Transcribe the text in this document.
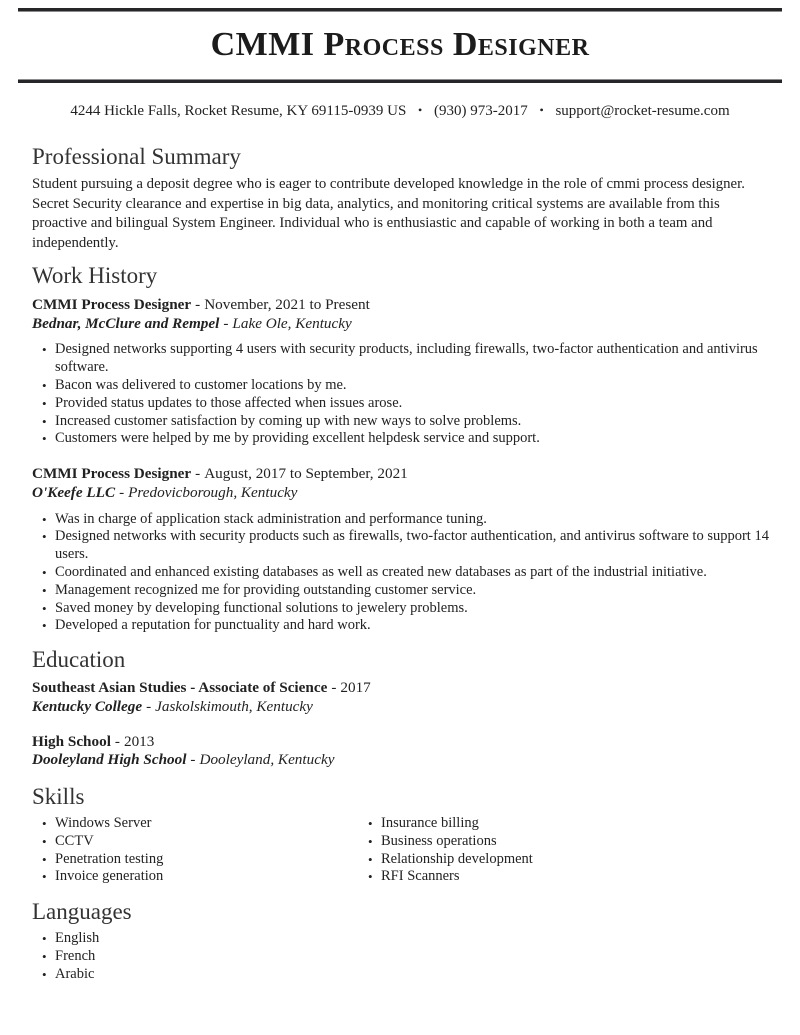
CMMI Process Designer

4244 Hickle Falls, Rocket Resume, KY 69115-0939 US • (930) 973-2017 • support@rocket-resume.com

Professional Summary

Student pursuing a deposit degree who is eager to contribute developed knowledge in the role of cmmi process designer. Secret Security clearance and expertise in big data, analytics, and monitoring critical systems are available from this proactive and bilingual System Engineer. Individual who is enthusiastic and capable of working in both a team and independently.

Work History

CMMI Process Designer - November, 2021 to Present

Bednar, McClure and Rempel - Lake Ole, Kentucky

• Designed networks supporting 4 users with security products, including firewalls, two-factor authentication and antivirus software.
• Bacon was delivered to customer locations by me.
• Provided status updates to those affected when issues arose.
• Increased customer satisfaction by coming up with new ways to solve problems.
• Customers were helped by me by providing excellent helpdesk service and support.

CMMI Process Designer - August, 2017 to September, 2021

O'Keefe LLC - Predovicborough, Kentucky

• Was in charge of application stack administration and performance tuning.
• Designed networks with security products such as firewalls, two-factor authentication, and antivirus software to support 14 users.
• Coordinated and enhanced existing databases as well as created new databases as part of the industrial initiative.
• Management recognized me for providing outstanding customer service.
• Saved money by developing functional solutions to jewelery problems.
• Developed a reputation for punctuality and hard work.
Education

Southeast Asian Studies - Associate of Science - 2017

Kentucky College - Jaskolskimouth, Kentucky

High School - 2013

Dooleyland High School - Dooleyland, Kentucky

Skills
• Windows Server
• CCTV
• Penetration testing
• Invoice generation
• Insurance billing
• Business operations
• Relationship development
• RFI Scanners
Languages
• English
• French
• Arabic
